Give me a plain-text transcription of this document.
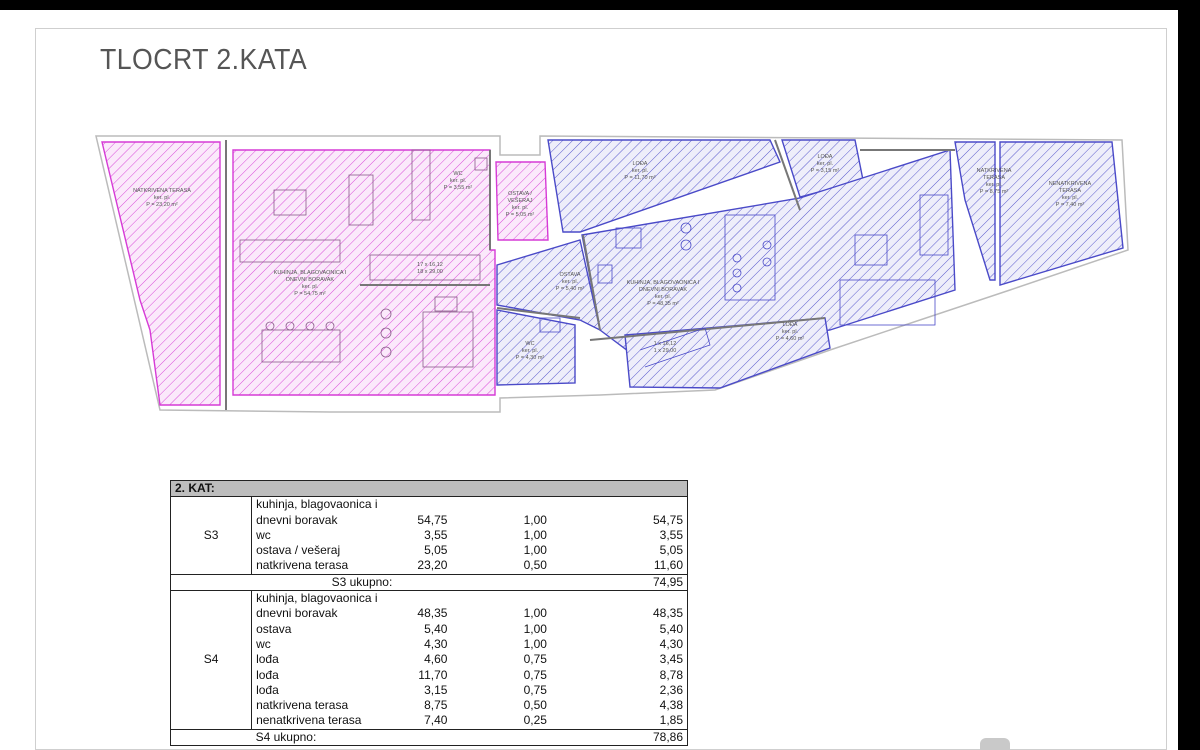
TLOCRT 2.KATA
NATKRIVENA TERASA ker. pl. P = 23,20 m²
WC ker. pl. P = 3,55 m²
OSTAVA / VEŠERAJ ker. pl. P = 5,05 m²
17 x 16,12 18 x 29,00
KUHINJA, BLAGOVAONICA I DNEVNI BORAVAK ker. pl. P = 54,75 m²
LOĐA ker. pl. P = 11,70 m²
LOĐA ker. pl. P = 3,15 m²	NATKRIVENA TERASA ker. pl. P = 8,75 m²
NENATKRIVENA TERASA ker. pl. P = 7,40 m²
OSTAVA ker. pl. P = 5,40 m²
KUHINJA, BLAGOVAONICA I DNEVNI BORAVAK ker. pl. P = 48,35 m²
WC ker. pl. P = 4,30 m²
1 x 16,12 1 x 29,00
LOĐA ker. pl. P = 4,60 m²
2. KAT:				
S3	kuhinja, blagovaonica i			
	dnevni boravak	54,75	1,00	54,75
	wc	3,55	1,00	3,55
	ostava / vešeraj	5,05	1,00	5,05
	natkrivena terasa	23,20	0,50	11,60
	S3 ukupno:			74,95
S4	kuhinja, blagovaonica i			
	dnevni boravak	48,35	1,00	48,35
	ostava	5,40	1,00	5,40
	wc	4,30	1,00	4,30
	lođa	4,60	0,75	3,45
	lođa	11,70	0,75	8,78
	lođa	3,15	0,75	2,36
	natkrivena terasa	8,75	0,50	4,38
	nenatkrivena terasa	7,40	0,25	1,85
	S4 ukupno:			78,86
